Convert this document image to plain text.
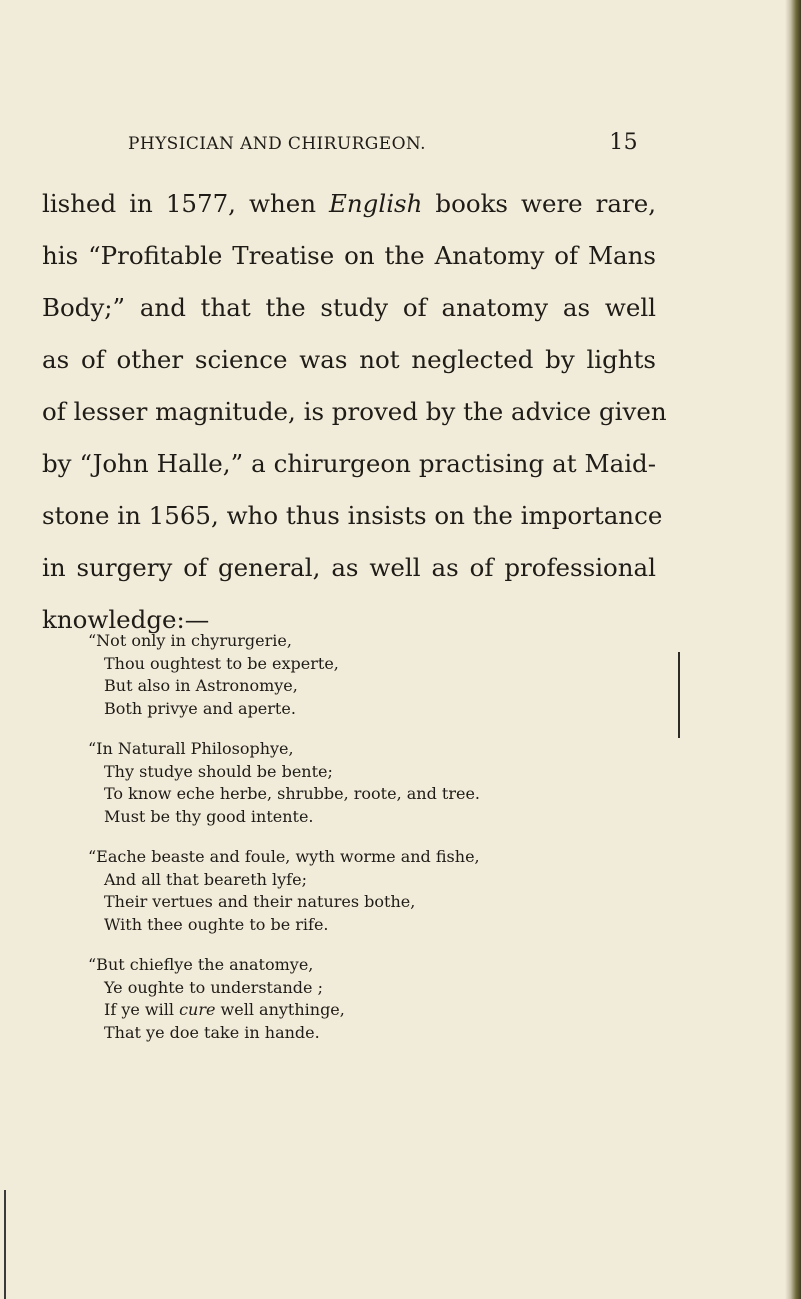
PHYSICIAN AND CHIRURGEON.	15
lished in 1577, when English books were rare,
his “Profitable Treatise on the Anatomy of Mans
Body;” and that the study of anatomy as well
as of other science was not neglected by lights
of lesser magnitude, is proved by the advice given
by “John Halle,” a chirurgeon practising at Maid-
stone in 1565, who thus insists on the importance
in surgery of general, as well as of professional
knowledge:—
“Not only in chyrurgerie,
Thou oughtest to be experte,
But also in Astronomye,
Both privye and aperte.
“In Naturall Philosophye,
Thy studye should be bente;
To know eche herbe, shrubbe, roote, and tree.
Must be thy good intente.
“Eache beaste and foule, wyth worme and fishe,
And all that beareth lyfe;
Their vertues and their natures bothe,
With thee oughte to be rife.
“But chieflye the anatomye,
Ye oughte to understande ;
If ye will cure well anythinge,
That ye doe take in hande.
